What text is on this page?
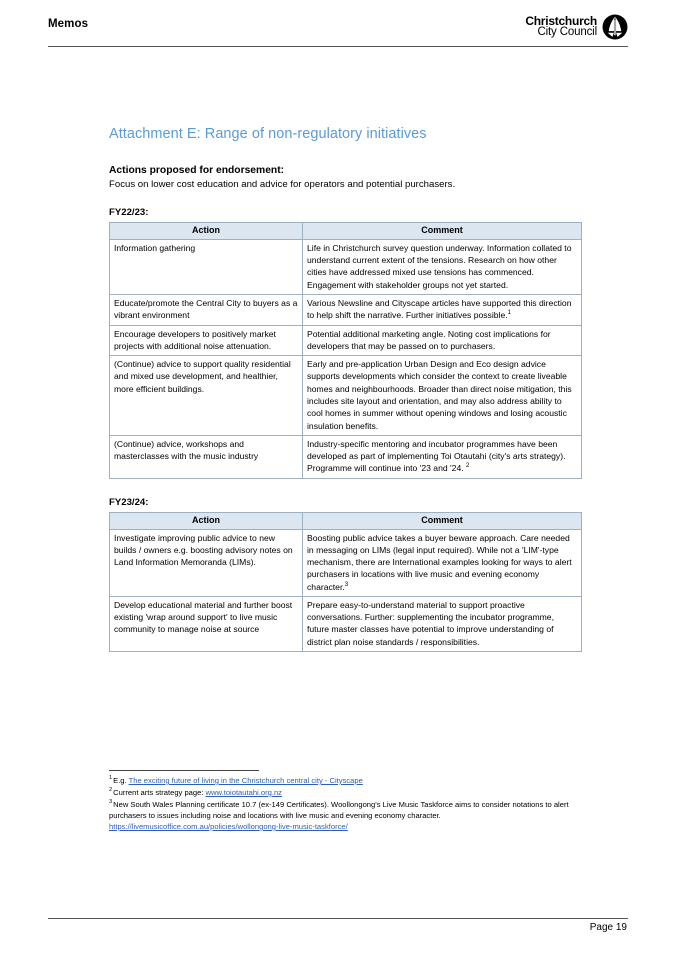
Memos	Christchurch
City Council
Attachment E: Range of non-regulatory initiatives

Actions proposed for endorsement:

Focus on lower cost education and advice for operators and potential purchasers.

FY22/23:

Action	Comment
Information gathering	Life in Christchurch survey question underway. Information collated to understand current extent of the tensions. Research on how other cities have addressed mixed use tensions has commenced. Engagement with stakeholder groups not yet started.
Educate/promote the Central City to buyers as a vibrant environment	Various Newsline and Cityscape articles have supported this direction to help shift the narrative. Further initiatives possible.$^1$
Encourage developers to positively market projects with additional noise attenuation.	Potential additional marketing angle. Noting cost implications for developers that may be passed on to purchasers.
(Continue) advice to support quality residential and mixed use development, and healthier, more efficient buildings.	Early and pre-application Urban Design and Eco design advice supports developments which consider the context to create liveable homes and neighbourhoods. Broader than direct noise mitigation, this includes site layout and orientation, and may also address ability to cool homes in summer without opening windows and losing acoustic insulation benefits.
(Continue) advice, workshops and masterclasses with the music industry	Industry-specific mentoring and incubator programmes have been developed as part of implementing Toi Otautahi (city's arts strategy). Programme will continue into '23 and '24. $^2$

FY23/24:

Action	Comment
Investigate improving public advice to new builds / owners e.g. boosting advisory notes on Land Information Memoranda (LIMs).	Boosting public advice takes a buyer beware approach. Care needed in messaging on LIMs (legal input required). While not a 'LIM'-type mechanism, there are International examples looking for ways to alert purchasers in locations with live music and evening economy character.$^3$
Develop educational material and further boost existing 'wrap around support' to live music community to manage noise at source	Prepare easy-to-understand material to support proactive conversations. Further: supplementing the incubator programme, future master classes have potential to improve understanding of district plan noise standards / responsibilities.

$^1$E.g. The exciting future of living in the Christchurch central city - Cityscape

$^2$Current arts strategy page: www.toiotautahi.org.nz

$^3$New South Wales Planning certificate 10.7 (ex-149 Certificates). Woollongong's Live Music Taskforce aims to consider notations to alert purchasers to issues including noise and locations with live music and evening economy character. https://livemusicoffice.com.au/policies/wollongong-live-music-taskforce/

Page 19
